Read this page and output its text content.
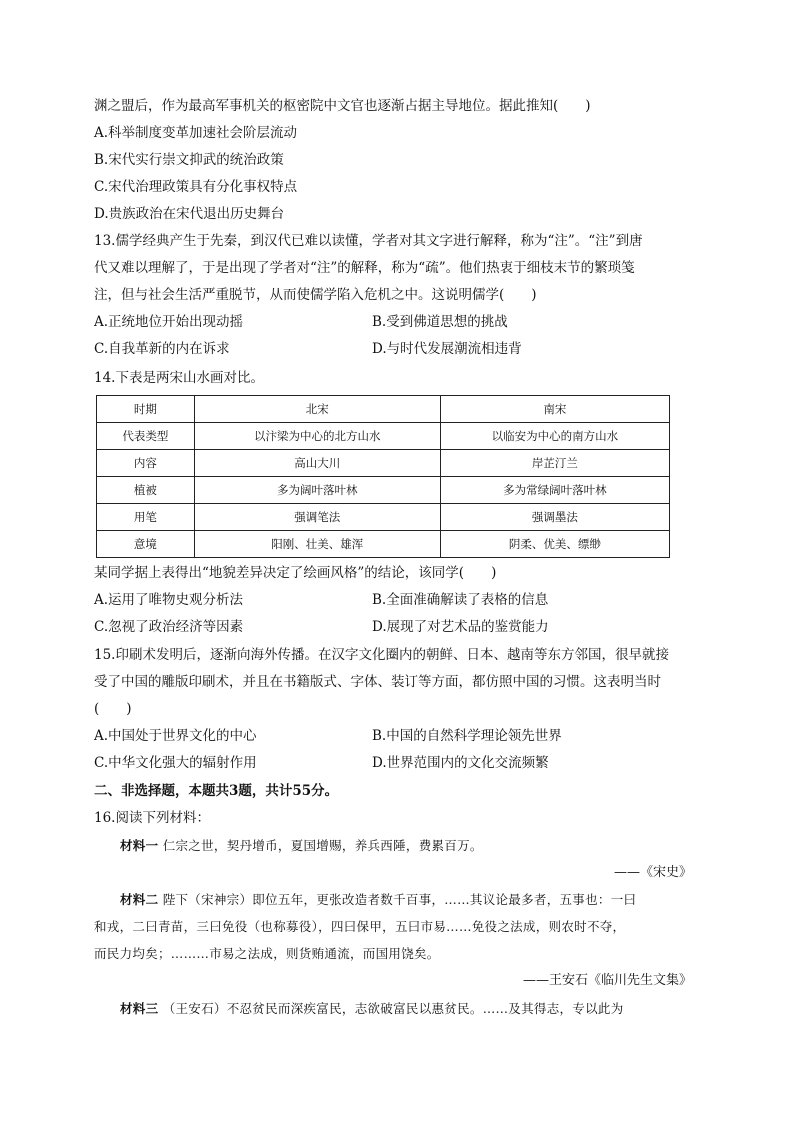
渊之盟后，作为最高军事机关的枢密院中文官也逐渐占据主导地位。据此推知(　　)
A.科举制度变革加速社会阶层流动
B.宋代实行崇文抑武的统治政策
C.宋代治理政策具有分化事权特点
D.贵族政治在宋代退出历史舞台
13.儒学经典产生于先秦，到汉代已难以读懂，学者对其文字进行解释，称为“注”。“注”到唐
代又难以理解了，于是出现了学者对“注”的解释，称为“疏”。他们热衷于细枝末节的繁琐笺
注，但与社会生活严重脱节，从而使儒学陷入危机之中。这说明儒学(　　)
A.正统地位开始出现动摇	B.受到佛道思想的挑战
C.自我革新的内在诉求	D.与时代发展潮流相违背
14.下表是两宋山水画对比。
时期	北宋	南宋
代表类型	以汴梁为中心的北方山水	以临安为中心的南方山水
内容	高山大川	岸芷汀兰
植被	多为阔叶落叶林	多为常绿阔叶落叶林
用笔	强调笔法	强调墨法
意境	阳刚、壮美、雄浑	阴柔、优美、缥缈
某同学据上表得出“地貌差异决定了绘画风格”的结论，该同学(　　)
A.运用了唯物史观分析法	B.全面准确解读了表格的信息
C.忽视了政治经济等因素	D.展现了对艺术品的鉴赏能力
15.印刷术发明后，逐渐向海外传播。在汉字文化圈内的朝鲜、日本、越南等东方邻国，很早就接
受了中国的雕版印刷术，并且在书籍版式、字体、装订等方面，都仿照中国的习惯。这表明当时
(　　)
A.中国处于世界文化的中心	B.中国的自然科学理论领先世界
C.中华文化强大的辐射作用	D.世界范围内的文化交流频繁
二、非选择题，本题共3题，共计55分。
16.阅读下列材料：
材料一 仁宗之世，契丹增币，夏国增赐，养兵西陲，费累百万。
——《宋史》
材料二 陛下（宋神宗）即位五年，更张改造者数千百事，……其议论最多者，五事也：一曰
和戎，二曰青苗，三曰免役（也称募役），四曰保甲，五曰市易……免役之法成，则农时不夺，
而民力均矣；………市易之法成，则货贿通流，而国用饶矣。
——王安石《临川先生文集》
材料三 （王安石）不忍贫民而深疾富民，志欲破富民以惠贫民。……及其得志，专以此为
